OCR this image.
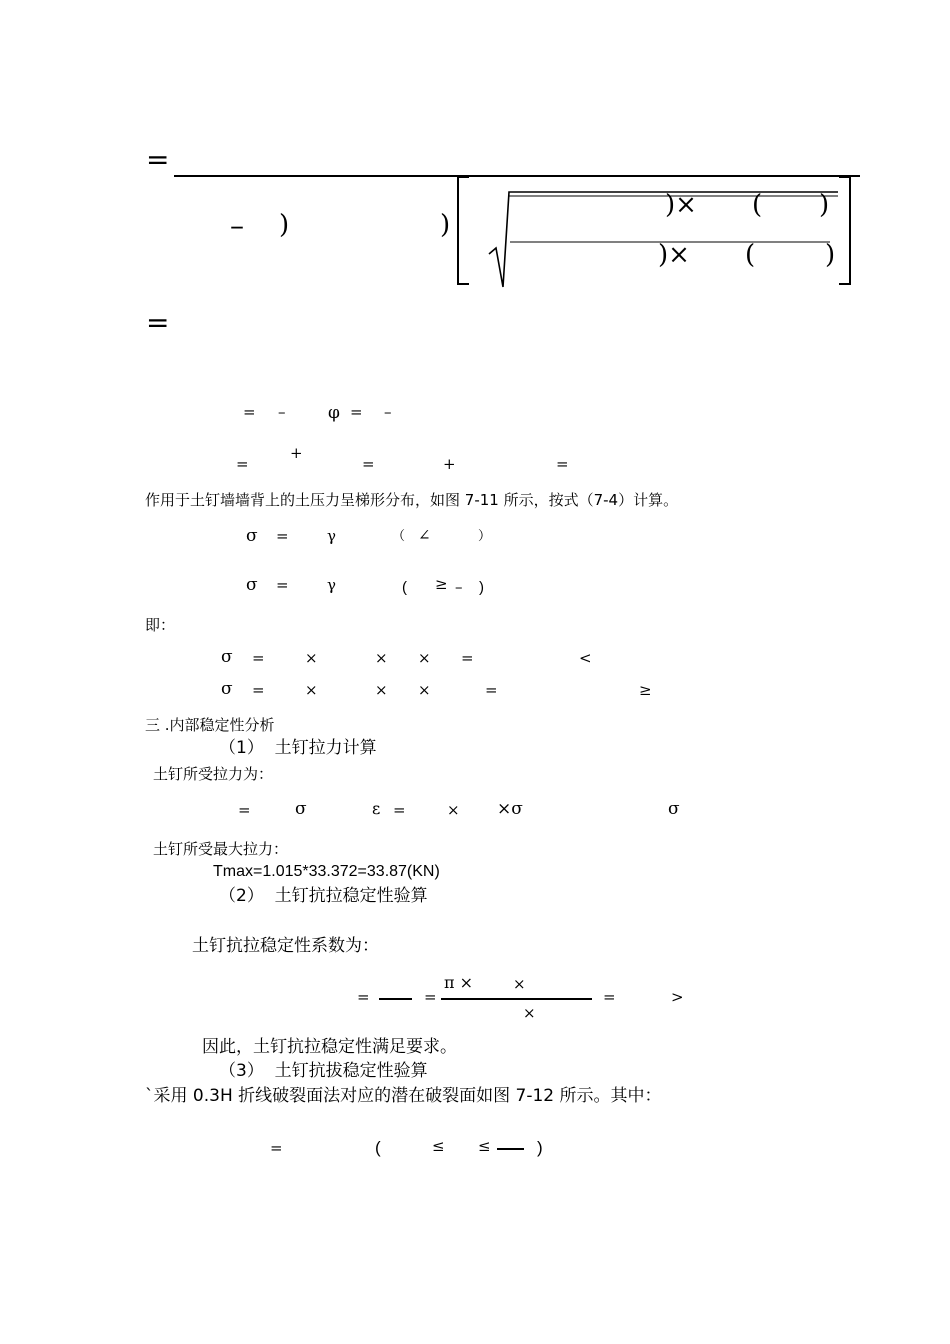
=
– )	)
)× ( )
)× (	)
=
= –	φ = –
=
+
=	+	=
作用于土钉墙墙背上的土压力呈梯形分布，如图 7-11 所示，按式（7-4）计算。
σ =	γ	（ ∠	）
σ =	γ	( ≥ – )
即：
σ =	×	× × =	<
σ =	×	× ×	=	≥
三 .内部稳定性分析
（1）  土钉拉力计算
土钉所受拉力为：
=	σ	ε =	× ×σ	σ
土钉所受最大拉力：
Tmax=1.015*33.372=33.87(KN)
（2）  土钉抗拉稳定性验算
土钉抗拉稳定性系数为：
=	=
π ×	×
×
=	>
因此，土钉抗拉稳定性满足要求。
（3）  土钉抗拔稳定性验算
`采用 0.3H 折线破裂面法对应的潜在破裂面如图 7-12 所示。其中：
=	(	≤ ≤	)
